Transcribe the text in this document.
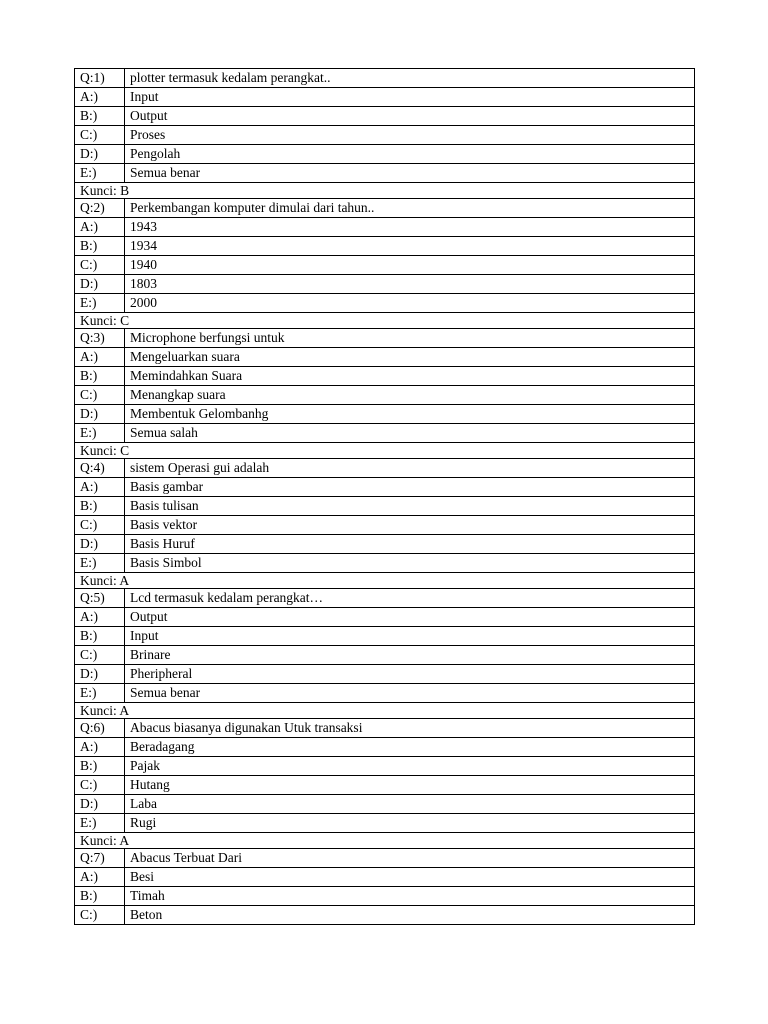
Q:1)	plotter termasuk kedalam perangkat..
A:)	Input
B:)	Output
C:)	Proses
D:)	Pengolah
E:)	Semua benar
Kunci: B	
Q:2)	Perkembangan komputer dimulai dari tahun..
A:)	1943
B:)	1934
C:)	1940
D:)	1803
E:)	2000
Kunci: C	
Q:3)	Microphone berfungsi untuk
A:)	Mengeluarkan suara
B:)	Memindahkan Suara
C:)	Menangkap suara
D:)	Membentuk Gelombanhg
E:)	Semua salah
Kunci: C	
Q:4)	sistem Operasi gui adalah
A:)	Basis gambar
B:)	Basis tulisan
C:)	Basis vektor
D:)	Basis Huruf
E:)	Basis Simbol
Kunci: A	
Q:5)	Lcd termasuk kedalam perangkat…
A:)	Output
B:)	Input
C:)	Brinare
D:)	Pheripheral
E:)	Semua benar
Kunci: A	
Q:6)	Abacus biasanya digunakan Utuk transaksi
A:)	Beradagang
B:)	Pajak
C:)	Hutang
D:)	Laba
E:)	Rugi
Kunci: A	
Q:7)	Abacus Terbuat Dari
A:)	Besi
B:)	Timah
C:)	Beton
